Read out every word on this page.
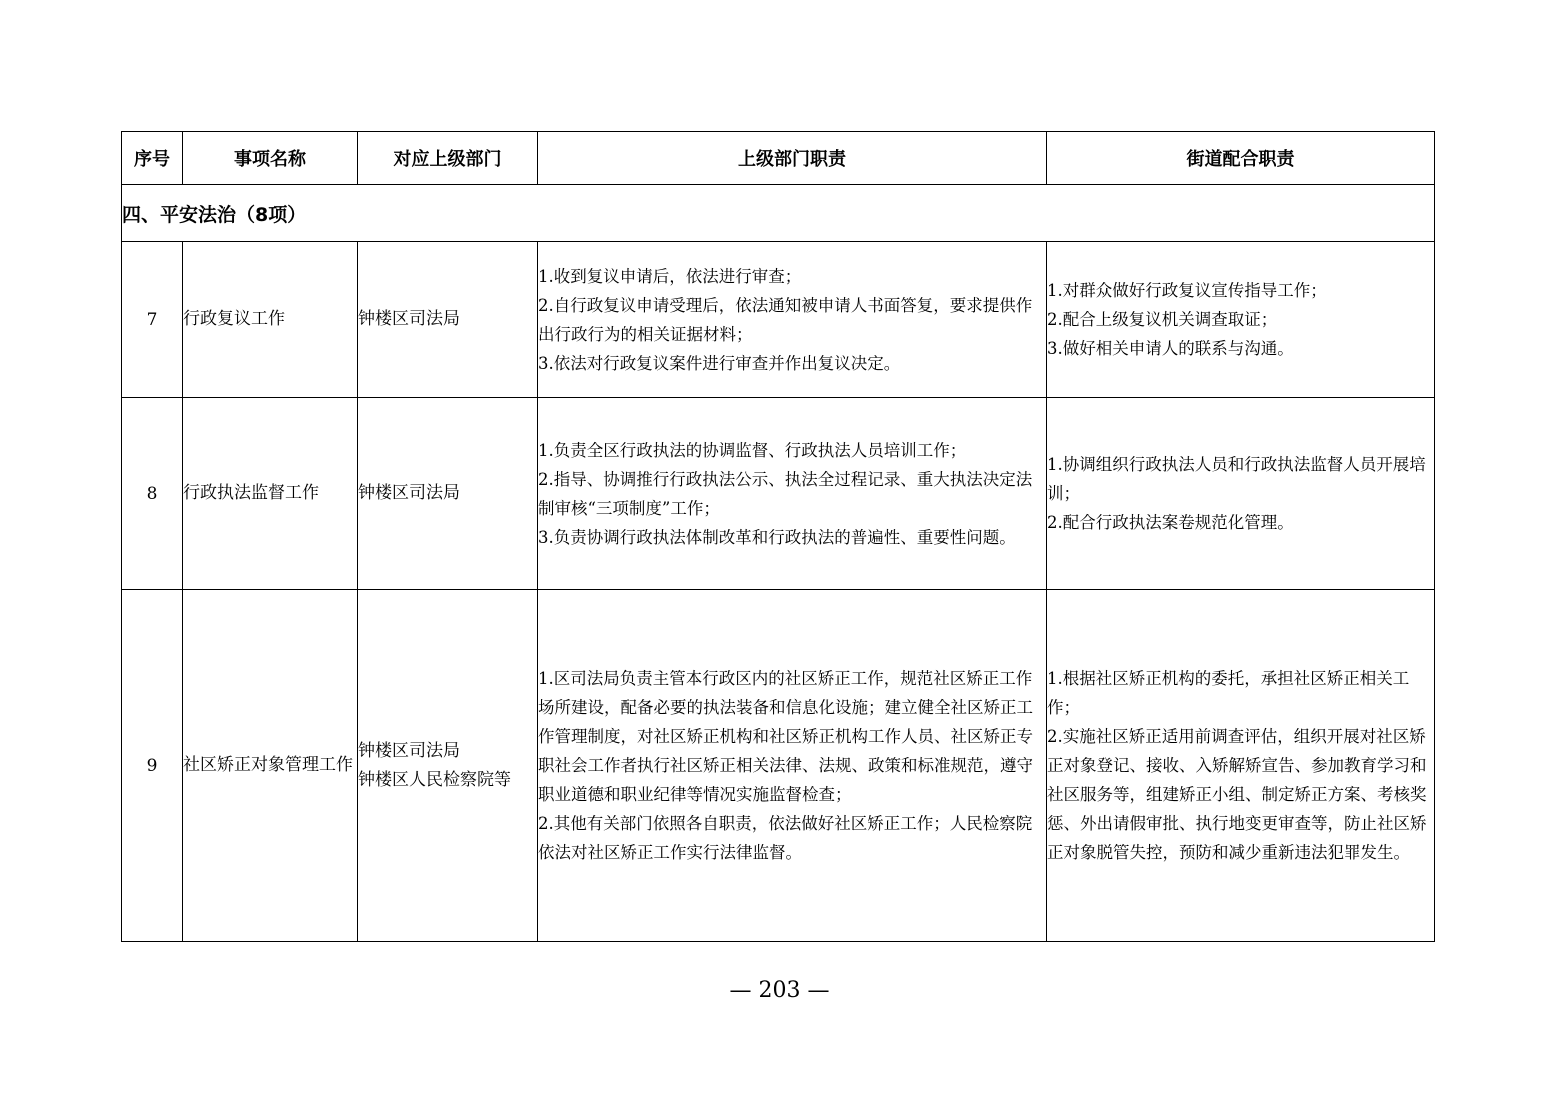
序号	事项名称	对应上级部门	上级部门职责	街道配合职责
四、平安法治（8项）				
7	行政复议工作	钟楼区司法局	1.收到复议申请后，依法进行审查；
2.自行政复议申请受理后，依法通知被申请人书面答复，要求提供作出行政行为的相关证据材料；
3.依法对行政复议案件进行审查并作出复议决定。	1.对群众做好行政复议宣传指导工作；
2.配合上级复议机关调查取证；
3.做好相关申请人的联系与沟通。

8	行政执法监督工作	钟楼区司法局	1.负责全区行政执法的协调监督、行政执法人员培训工作；
2.指导、协调推行行政执法公示、执法全过程记录、重大执法决定法制审核“三项制度”工作；
3.负责协调行政执法体制改革和行政执法的普遍性、重要性问题。	1.协调组织行政执法人员和行政执法监督人员开展培训；
2.配合行政执法案卷规范化管理。

9	社区矫正对象管理工作	钟楼区司法局
钟楼区人民检察院等	1.区司法局负责主管本行政区内的社区矫正工作，规范社区矫正工作场所建设，配备必要的执法装备和信息化设施；建立健全社区矫正工作管理制度，对社区矫正机构和社区矫正机构工作人员、社区矫正专职社会工作者执行社区矫正相关法律、法规、政策和标准规范，遵守职业道德和职业纪律等情况实施监督检查；
2.其他有关部门依照各自职责，依法做好社区矫正工作；人民检察院依法对社区矫正工作实行法律监督。	1.根据社区矫正机构的委托，承担社区矫正相关工作；
2.实施社区矫正适用前调查评估，组织开展对社区矫正对象登记、接收、入矫解矫宣告、参加教育学习和社区服务等，组建矫正小组、制定矫正方案、考核奖惩、外出请假审批、执行地变更审查等，防止社区矫正对象脱管失控，预防和减少重新违法犯罪发生。
— 203 —
